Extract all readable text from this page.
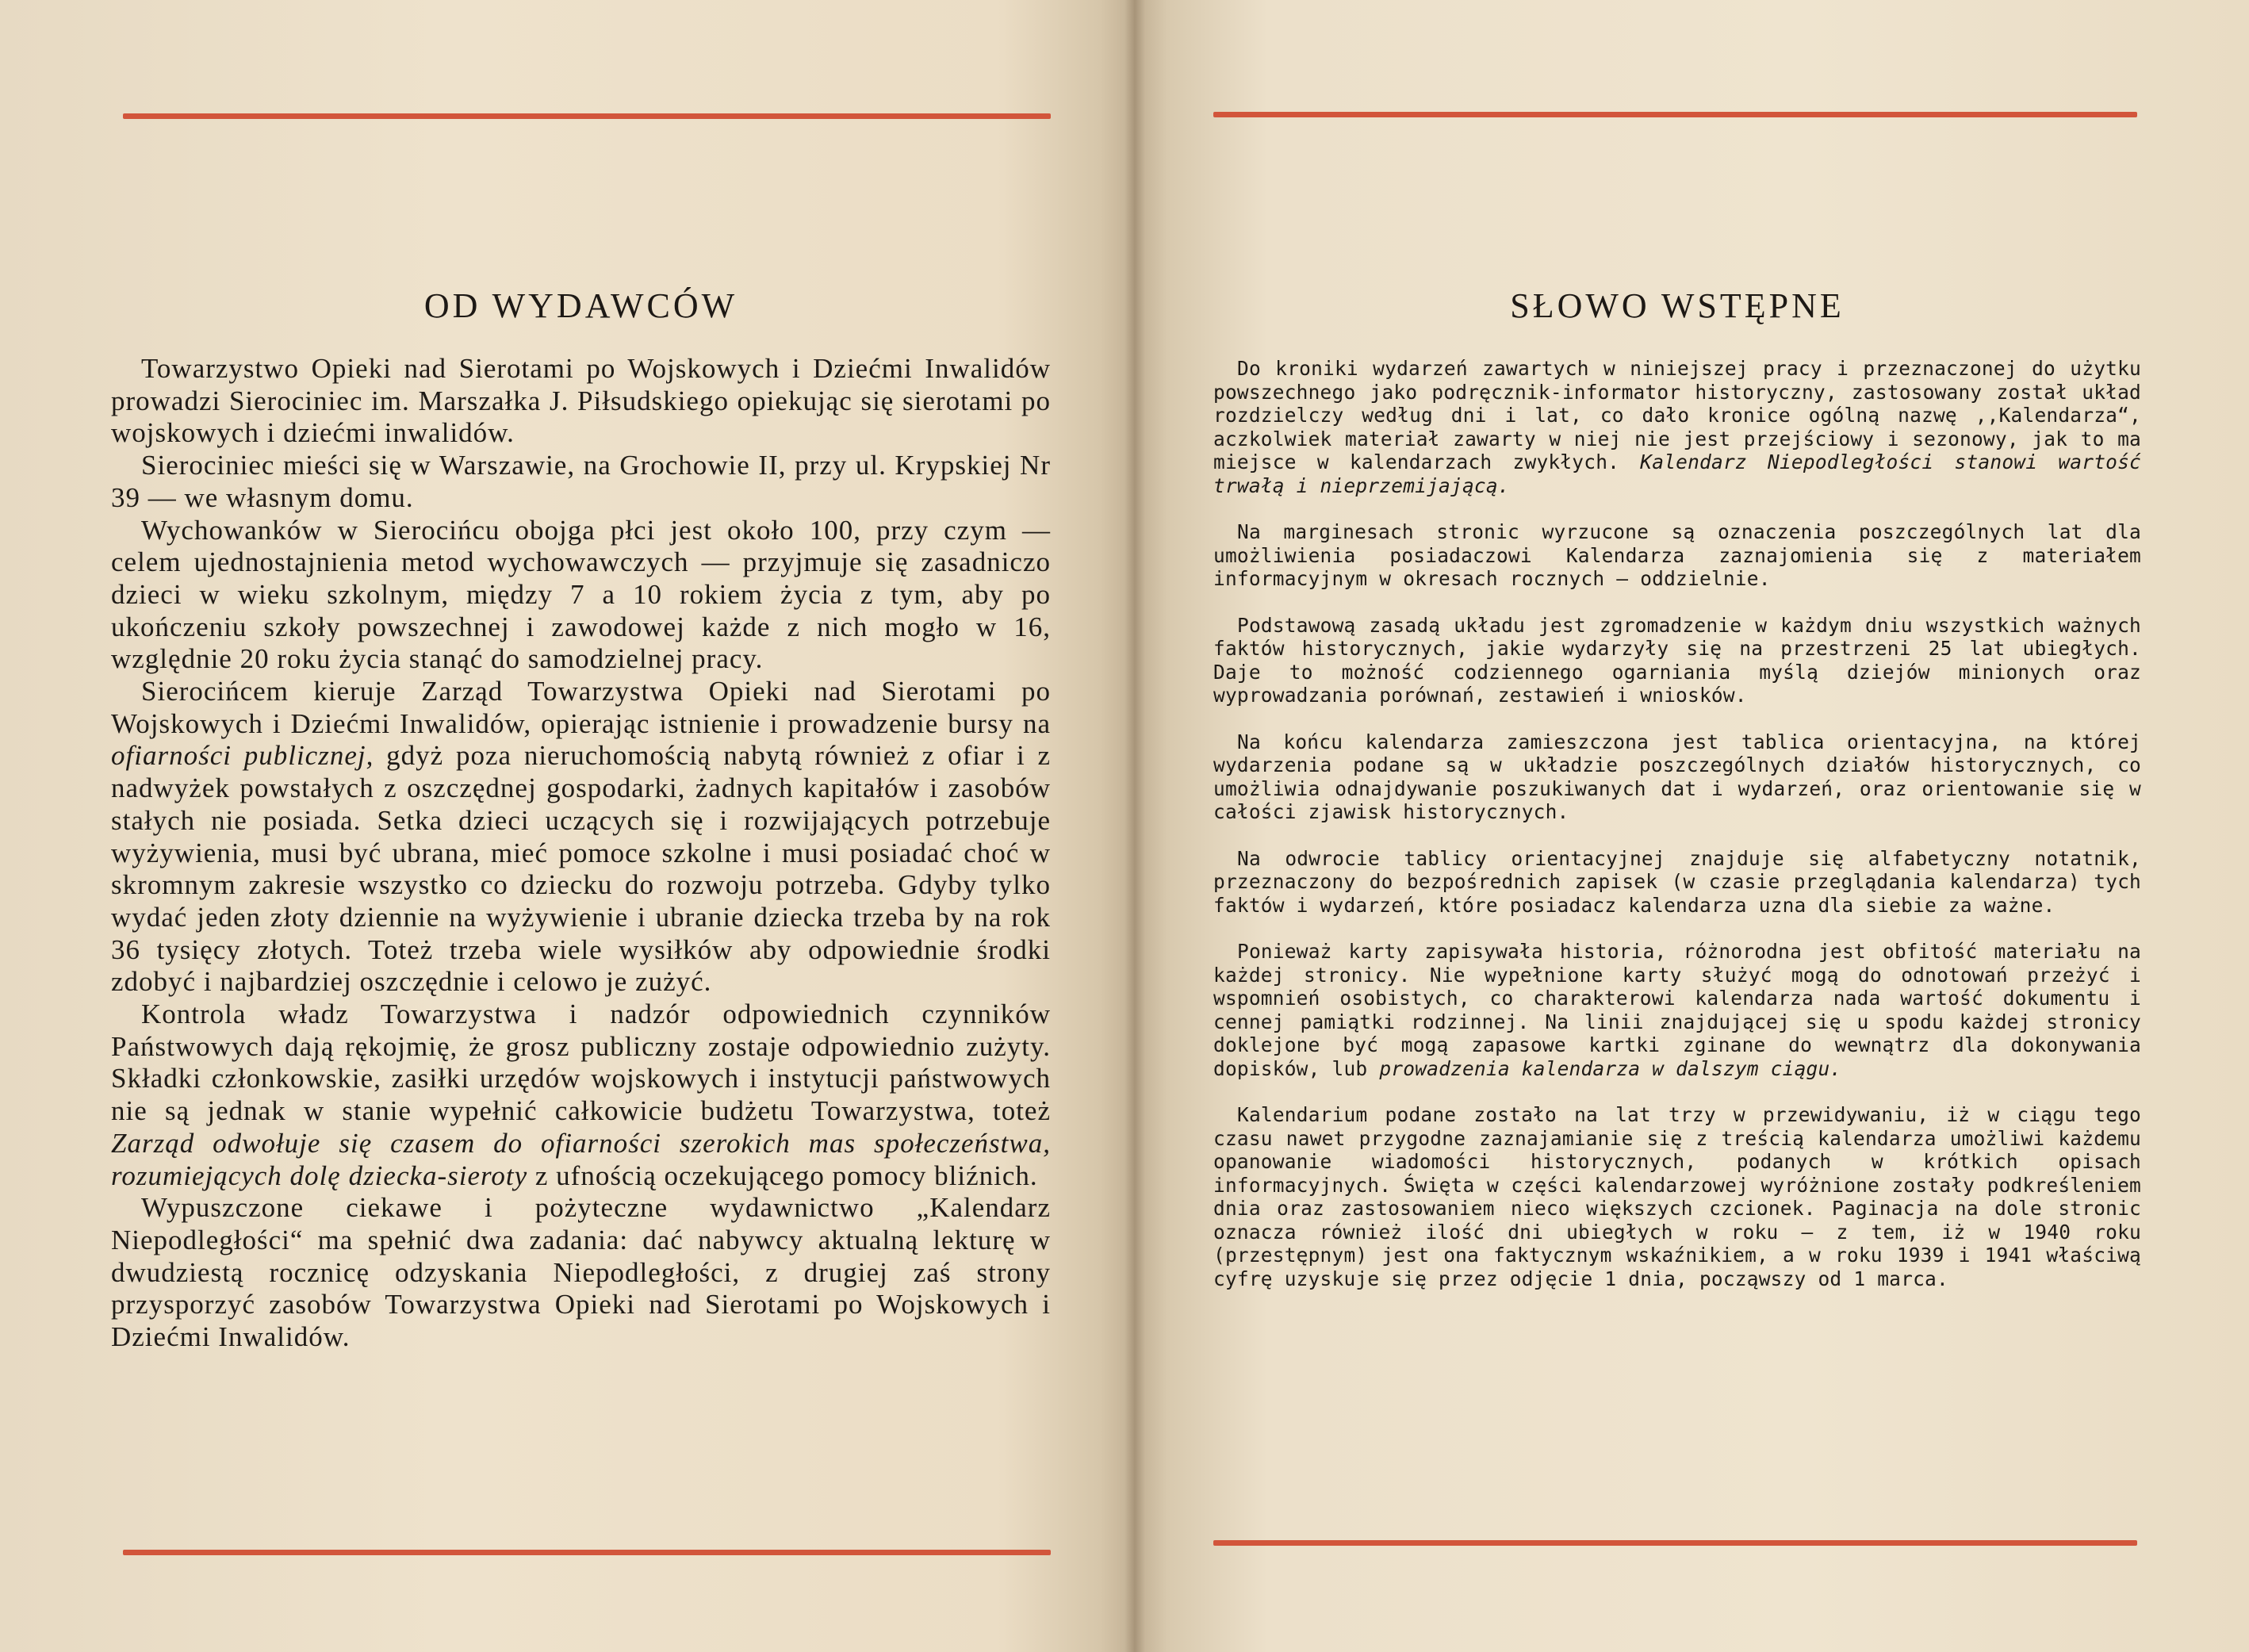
OD WYDAWCÓW

Towarzystwo Opieki nad Sierotami po Wojskowych i Dziećmi Inwalidów prowadzi Sierociniec im. Marszałka J. Piłsudskiego opiekując się sierotami po wojskowych i dziećmi inwalidów.

Sierociniec mieści się w Warszawie, na Grochowie II, przy ul. Krypskiej Nr 39 — we własnym domu.

Wychowanków w Sierocińcu obojga płci jest około 100, przy czym — celem ujednostajnienia metod wychowawczych — przyjmuje się zasadniczo dzieci w wieku szkolnym, między 7 a 10 rokiem życia z tym, aby po ukończeniu szkoły powszechnej i zawodowej każde z nich mogło w 16, względnie 20 roku życia stanąć do samodzielnej pracy.

Sierocińcem kieruje Zarząd Towarzystwa Opieki nad Sierotami po Wojskowych i Dziećmi Inwalidów, opierając istnienie i prowadzenie bursy na ofiarności publicznej, gdyż poza nieruchomością nabytą również z ofiar i z nadwyżek powstałych z oszczędnej gospodarki, żadnych kapitałów i zasobów stałych nie posiada. Setka dzieci uczących się i rozwijających potrzebuje wyżywienia, musi być ubrana, mieć pomoce szkolne i musi posiadać choć w skromnym zakresie wszystko co dziecku do rozwoju potrzeba. Gdyby tylko wydać jeden złoty dziennie na wyżywienie i ubranie dziecka trzeba by na rok 36 tysięcy złotych. Toteż trzeba wiele wysiłków aby odpowiednie środki zdobyć i najbardziej oszczędnie i celowo je zużyć.

Kontrola władz Towarzystwa i nadzór odpowiednich czynników Państwowych dają rękojmię, że grosz publiczny zostaje odpowiednio zużyty. Składki członkowskie, zasiłki urzędów wojskowych i instytucji państwowych nie są jednak w stanie wypełnić całkowicie budżetu Towarzystwa, toteż Zarząd odwołuje się czasem do ofiarności szerokich mas społeczeństwa, rozumiejących dolę dziecka-sieroty z ufnością oczekującego pomocy bliźnich.

Wypuszczone ciekawe i pożyteczne wydawnictwo „Kalendarz Niepodległości“ ma spełnić dwa zadania: dać nabywcy aktualną lekturę w dwudziestą rocznicę odzyskania Niepodległości, z drugiej zaś strony przysporzyć zasobów Towarzystwa Opieki nad Sierotami po Wojskowych i Dziećmi Inwalidów.

SŁOWO WSTĘPNE

Do kroniki wydarzeń zawartych w niniejszej pracy i przeznaczonej do użytku powszechnego jako podręcznik-informator historyczny, zastosowany został układ rozdzielczy według dni i lat, co dało kronice ogólną nazwę ,,Kalendarza“, aczkolwiek materiał zawarty w niej nie jest przejściowy i sezonowy, jak to ma miejsce w kalendarzach zwykłych. Kalendarz Niepodległości stanowi wartość trwałą i nieprzemijającą.

Na marginesach stronic wyrzucone są oznaczenia poszczególnych lat dla umożliwienia posiadaczowi Kalendarza zaznajomienia się z materiałem informacyjnym w okresach rocznych — oddzielnie.

Podstawową zasadą układu jest zgromadzenie w każdym dniu wszystkich ważnych faktów historycznych, jakie wydarzyły się na przestrzeni 25 lat ubiegłych. Daje to możność codziennego ogarniania myślą dziejów minionych oraz wyprowadzania porównań, zestawień i wniosków.

Na końcu kalendarza zamieszczona jest tablica orientacyjna, na której wydarzenia podane są w układzie poszczególnych działów historycznych, co umożliwia odnajdywanie poszukiwanych dat i wydarzeń, oraz orientowanie się w całości zjawisk historycznych.

Na odwrocie tablicy orientacyjnej znajduje się alfabetyczny notatnik, przeznaczony do bezpośrednich zapisek (w czasie przeglądania kalendarza) tych faktów i wydarzeń, które posiadacz kalendarza uzna dla siebie za ważne.

Ponieważ karty zapisywała historia, różnorodna jest obfitość materiału na każdej stronicy. Nie wypełnione karty służyć mogą do odnotowań przeżyć i wspomnień osobistych, co charakterowi kalendarza nada wartość dokumentu i cennej pamiątki rodzinnej. Na linii znajdującej się u spodu każdej stronicy doklejone być mogą zapasowe kartki zginane do wewnątrz dla dokonywania dopisków, lub prowadzenia kalendarza w dalszym ciągu.

Kalendarium podane zostało na lat trzy w przewidywaniu, iż w ciągu tego czasu nawet przygodne zaznajamianie się z treścią kalendarza umożliwi każdemu opanowanie wiadomości historycznych, podanych w krótkich opisach informacyjnych. Święta w części kalendarzowej wyróżnione zostały podkreśleniem dnia oraz zastosowaniem nieco większych czcionek. Paginacja na dole stronic oznacza również ilość dni ubiegłych w roku — z tem, iż w 1940 roku (przestępnym) jest ona faktycznym wskaźnikiem, a w roku 1939 i 1941 właściwą cyfrę uzyskuje się przez odjęcie 1 dnia, począwszy od 1 marca.
